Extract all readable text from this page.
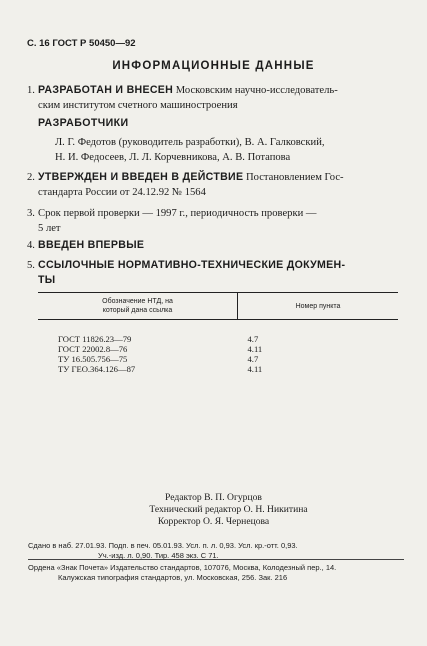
С. 16 ГОСТ Р 50450—92
ИНФОРМАЦИОННЫЕ ДАННЫЕ
1. РАЗРАБОТАН И ВНЕСЕН Московским научно-исследователь-
ским институтом счетного машиностроения
РАЗРАБОТЧИКИ
Л. Г. Федотов (руководитель разработки), В. А. Галковский,
Н. И. Федосеев, Л. Л. Корчевникова, А. В. Потапова
2. УТВЕРЖДЕН И ВВЕДЕН В ДЕЙСТВИЕ Постановлением Гос-
стандарта России от 24.12.92 № 1564
3. Срок первой проверки — 1997 г., периодичность проверки —
5 лет
4. ВВЕДЕН ВПЕРВЫЕ
5. ССЫЛОЧНЫЕ НОРМАТИВНО-ТЕХНИЧЕСКИЕ ДОКУМЕН-
ТЫ
Обозначение НТД, на
который дана ссылка	Номер пункта
ГОСТ 11826.23—79	4.7
ГОСТ 22002.8—76	4.11
ТУ 16.505.756—75	4.7
ТУ ГЕО.364.126—87	4.11
Редактор В. П. Огурцов
Технический редактор О. Н. Никитина
Корректор О. Я. Чернецова
Сдано в наб. 27.01.93. Подп. в печ. 05.01.93. Усл. п. л. 0,93. Усл. кр.-отт. 0,93.
Уч.-изд. л. 0,90. Тир. 458 экз. С 71.
Ордена «Знак Почета» Издательство стандартов, 107076, Москва, Колодезный пер., 14.
Калужская типография стандартов, ул. Московская, 256. Зак. 216
